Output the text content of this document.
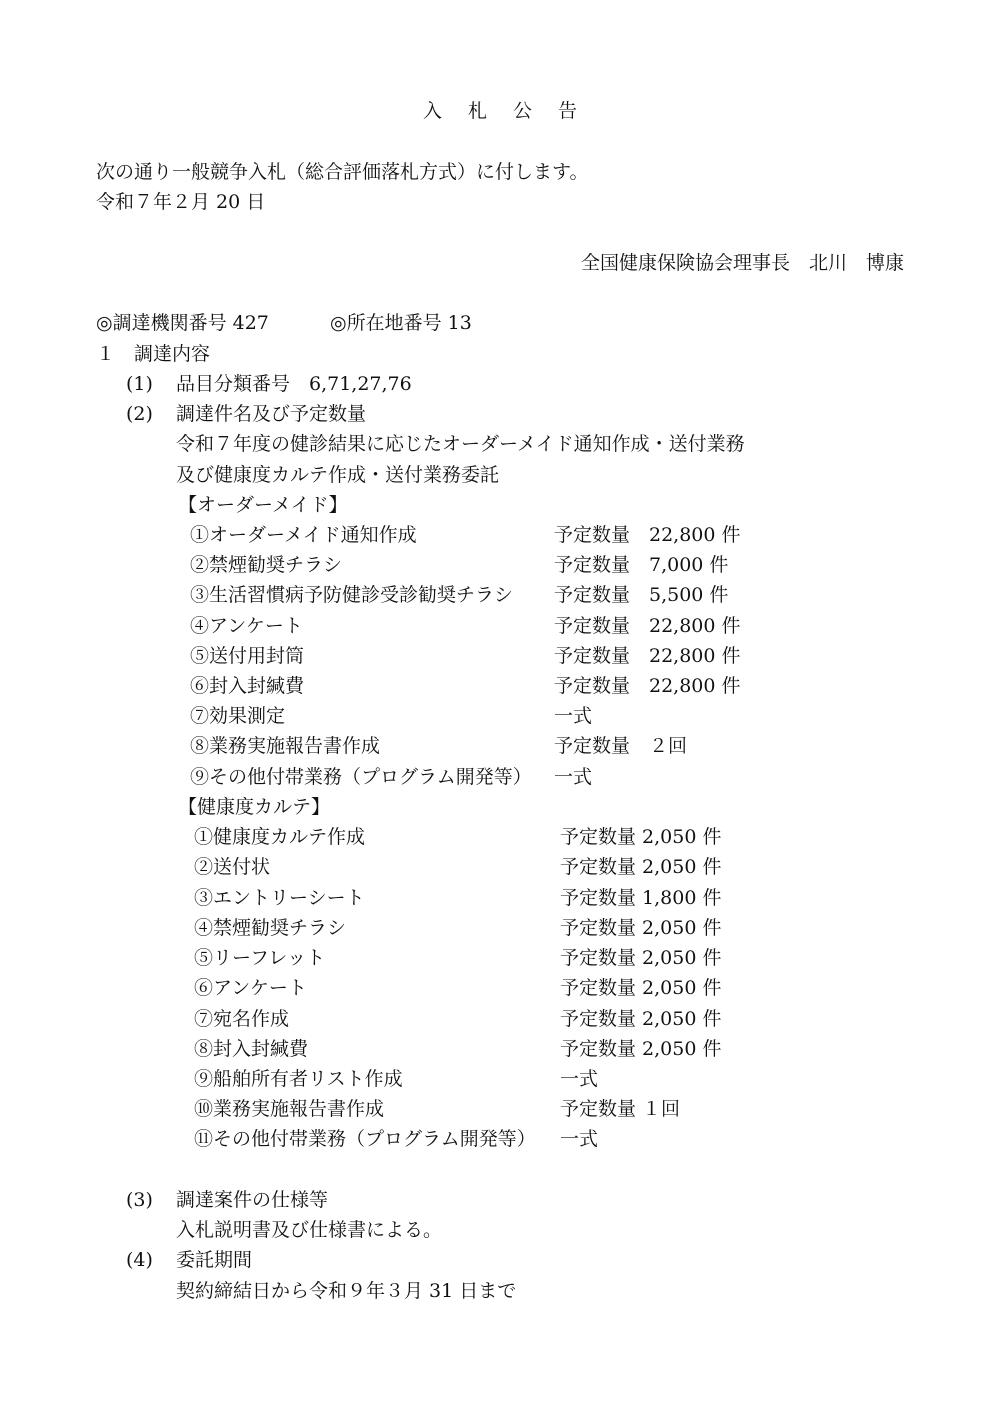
入札公告
次の通り一般競争入札（総合評価落札方式）に付します。
令和７年２月 20 日
全国健康保険協会理事長　北川　博康
◎調達機関番号 427	◎所在地番号 13
１　調達内容
(1) 品目分類番号　6,71,27,76
(2) 調達件名及び予定数量
令和７年度の健診結果に応じたオーダーメイド通知作成・送付業務
及び健康度カルテ作成・送付業務委託
【オーダーメイド】
①オーダーメイド通知作成	予定数量　22,800 件
②禁煙勧奨チラシ	予定数量　7,000 件
③生活習慣病予防健診受診勧奨チラシ 予定数量　5,500 件
④アンケート	予定数量　22,800 件
⑤送付用封筒	予定数量　22,800 件
⑥封入封緘費	予定数量　22,800 件
⑦効果測定	一式
⑧業務実施報告書作成	予定数量　２回
⑨その他付帯業務（プログラム開発等） 一式
【健康度カルテ】
①健康度カルテ作成	予定数量 2,050 件
②送付状	予定数量 2,050 件
③エントリーシート	予定数量 1,800 件
④禁煙勧奨チラシ	予定数量 2,050 件
⑤リーフレット	予定数量 2,050 件
⑥アンケート	予定数量 2,050 件
⑦宛名作成	予定数量 2,050 件
⑧封入封緘費	予定数量 2,050 件
⑨船舶所有者リスト作成	一式
⑩業務実施報告書作成	予定数量 １回
⑪その他付帯業務（プログラム開発等） 一式
(3) 調達案件の仕様等
入札説明書及び仕様書による。
(4) 委託期間
契約締結日から令和９年３月 31 日まで
